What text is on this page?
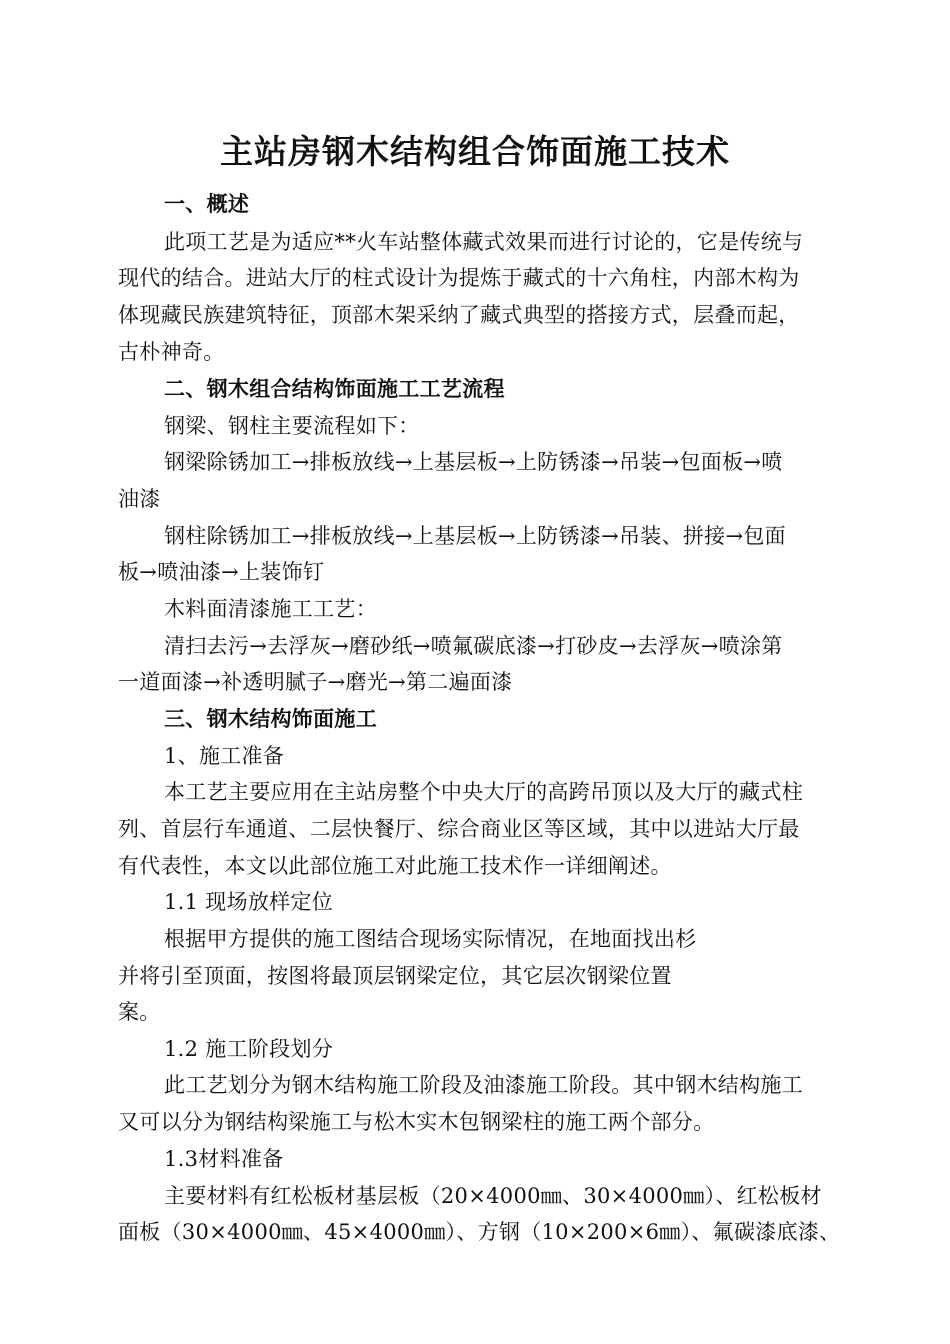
主站房钢木结构组合饰面施工技术
一、概述
此项工艺是为适应**火车站整体藏式效果而进行讨论的，它是传统与
现代的结合。进站大厅的柱式设计为提炼于藏式的十六角柱，内部木构为
体现藏民族建筑特征，顶部木架采纳了藏式典型的搭接方式，层叠而起，
古朴神奇。
二、钢木组合结构饰面施工工艺流程
钢梁、钢柱主要流程如下：
钢梁除锈加工→排板放线→上基层板→上防锈漆→吊装→包面板→喷
油漆
钢柱除锈加工→排板放线→上基层板→上防锈漆→吊装、拼接→包面
板→喷油漆→上装饰钉
木料面清漆施工工艺：
清扫去污→去浮灰→磨砂纸→喷氟碳底漆→打砂皮→去浮灰→喷涂第
一道面漆→补透明腻子→磨光→第二遍面漆
三、钢木结构饰面施工
1、施工准备
本工艺主要应用在主站房整个中央大厅的高跨吊顶以及大厅的藏式柱
列、首层行车通道、二层快餐厅、综合商业区等区域，其中以进站大厅最
有代表性，本文以此部位施工对此施工技术作一详细阐述。
1.1 现场放样定位
根据甲方提供的施工图结合现场实际情况，在地面找出杉
并将引至顶面，按图将最顶层钢梁定位，其它层次钢梁位置
案。
1.2 施工阶段划分
此工艺划分为钢木结构施工阶段及油漆施工阶段。其中钢木结构施工
又可以分为钢结构梁施工与松木实木包钢梁柱的施工两个部分。
1.3材料准备
主要材料有红松板材基层板（20×4000㎜、30×4000㎜）、红松板材
面板（30×4000㎜、45×4000㎜）、方钢（10×200×6㎜）、氟碳漆底漆、
